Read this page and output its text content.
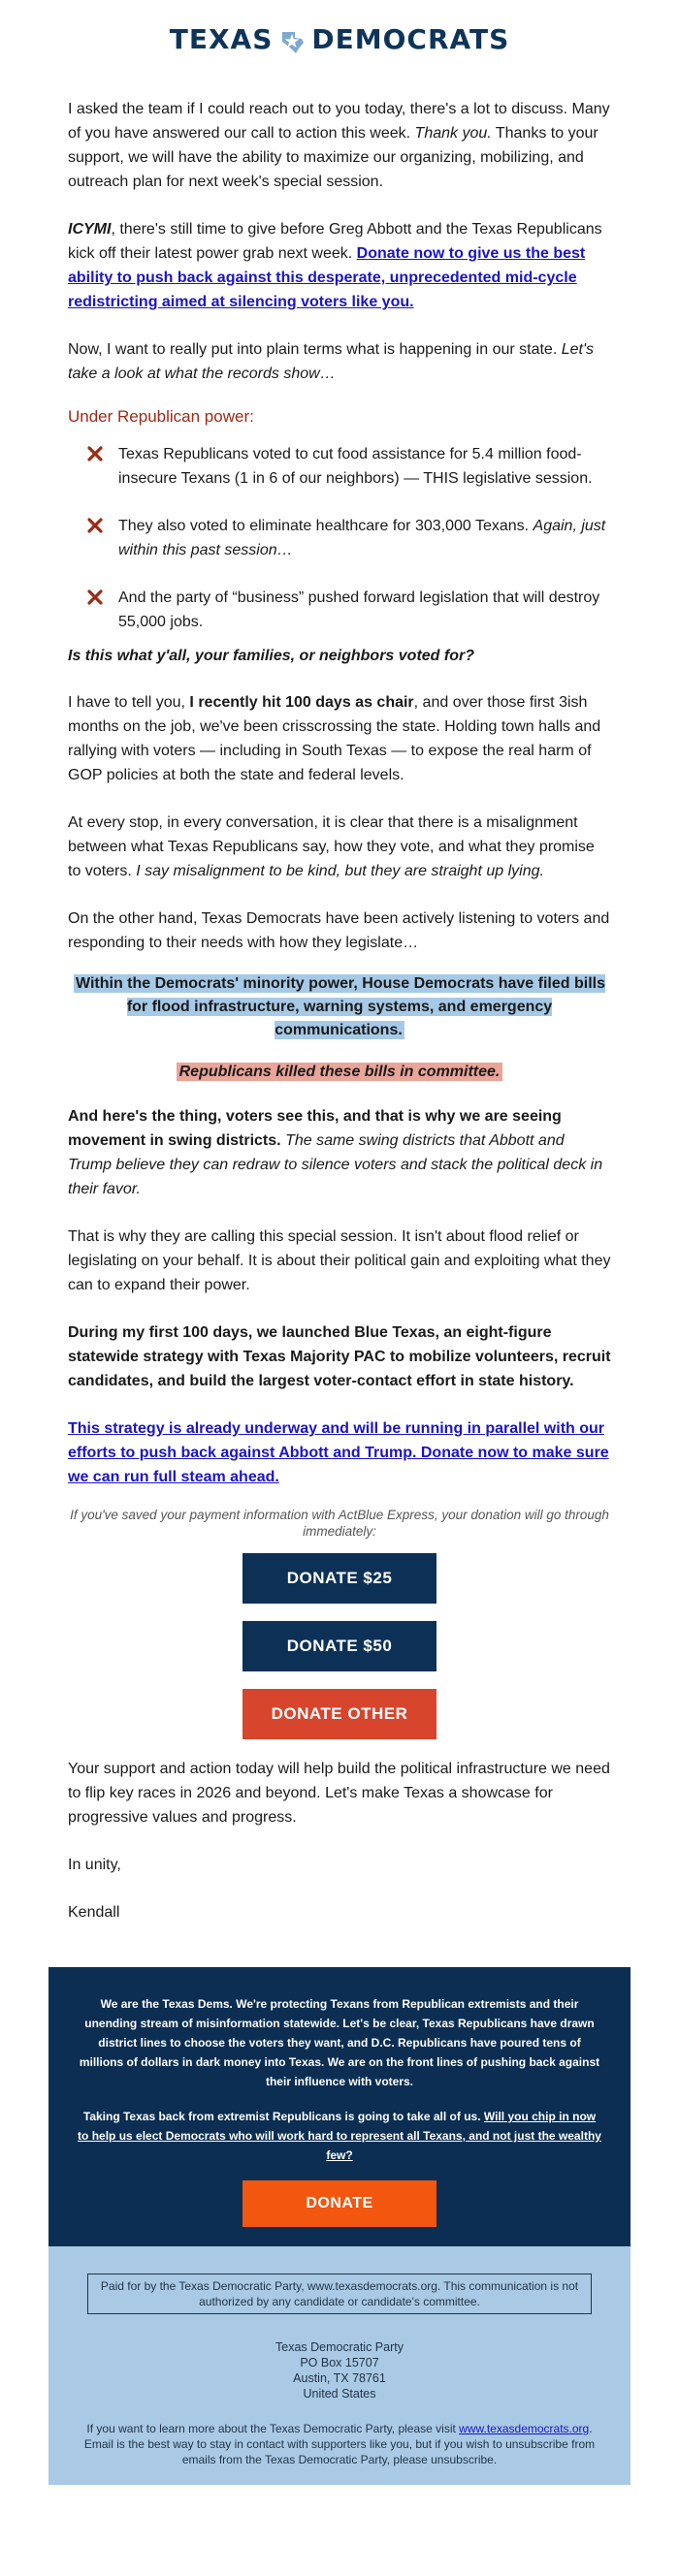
TEXAS DEMOCRATS

I asked the team if I could reach out to you today, there's a lot to discuss. Many of you have answered our call to action this week. Thank you. Thanks to your support, we will have the ability to maximize our organizing, mobilizing, and outreach plan for next week's special session.

ICYMI, there's still time to give before Greg Abbott and the Texas Republicans kick off their latest power grab next week. Donate now to give us the best ability to push back against this desperate, unprecedented mid-cycle redistricting aimed at silencing voters like you.

Now, I want to really put into plain terms what is happening in our state. Let's take a look at what the records show…

Under Republican power:
Texas Republicans voted to cut food assistance for 5.4 million food-insecure Texans (1 in 6 of our neighbors) — THIS legislative session.
They also voted to eliminate healthcare for 303,000 Texans. Again, just within this past session…
And the party of “business” pushed forward legislation that will destroy 55,000 jobs.
Is this what y'all, your families, or neighbors voted for?

I have to tell you, I recently hit 100 days as chair, and over those first 3ish months on the job, we've been crisscrossing the state. Holding town halls and rallying with voters — including in South Texas — to expose the real harm of GOP policies at both the state and federal levels.

At every stop, in every conversation, it is clear that there is a misalignment between what Texas Republicans say, how they vote, and what they promise to voters. I say misalignment to be kind, but they are straight up lying.

On the other hand, Texas Democrats have been actively listening to voters and responding to their needs with how they legislate…

Within the Democrats' minority power, House Democrats have filed bills for flood infrastructure, warning systems, and emergency communications.
Republicans killed these bills in committee.

And here's the thing, voters see this, and that is why we are seeing movement in swing districts. The same swing districts that Abbott and Trump believe they can redraw to silence voters and stack the political deck in their favor.

That is why they are calling this special session. It isn't about flood relief or legislating on your behalf. It is about their political gain and exploiting what they can to expand their power.

During my first 100 days, we launched Blue Texas, an eight-figure statewide strategy with Texas Majority PAC to mobilize volunteers, recruit candidates, and build the largest voter-contact effort in state history.

This strategy is already underway and will be running in parallel with our efforts to push back against Abbott and Trump. Donate now to make sure we can run full steam ahead.

If you've saved your payment information with ActBlue Express, your donation will go through immediately:
DONATE $25
DONATE $50
DONATE OTHER

Your support and action today will help build the political infrastructure we need to flip key races in 2026 and beyond. Let's make Texas a showcase for progressive values and progress.

In unity,

Kendall

We are the Texas Dems. We're protecting Texans from Republican extremists and their unending stream of misinformation statewide. Let's be clear, Texas Republicans have drawn district lines to choose the voters they want, and D.C. Republicans have poured tens of millions of dollars in dark money into Texas. We are on the front lines of pushing back against their influence with voters.

Taking Texas back from extremist Republicans is going to take all of us. Will you chip in now to help us elect Democrats who will work hard to represent all Texans, and not just the wealthy few?

DONATE
Paid for by the Texas Democratic Party, www.texasdemocrats.org. This communication is not authorized by any candidate or candidate's committee.
Texas Democratic Party
PO Box 15707
Austin, TX 78761
United States
If you want to learn more about the Texas Democratic Party, please visit www.texasdemocrats.org. Email is the best way to stay in contact with supporters like you, but if you wish to unsubscribe from emails from the Texas Democratic Party, please unsubscribe.
